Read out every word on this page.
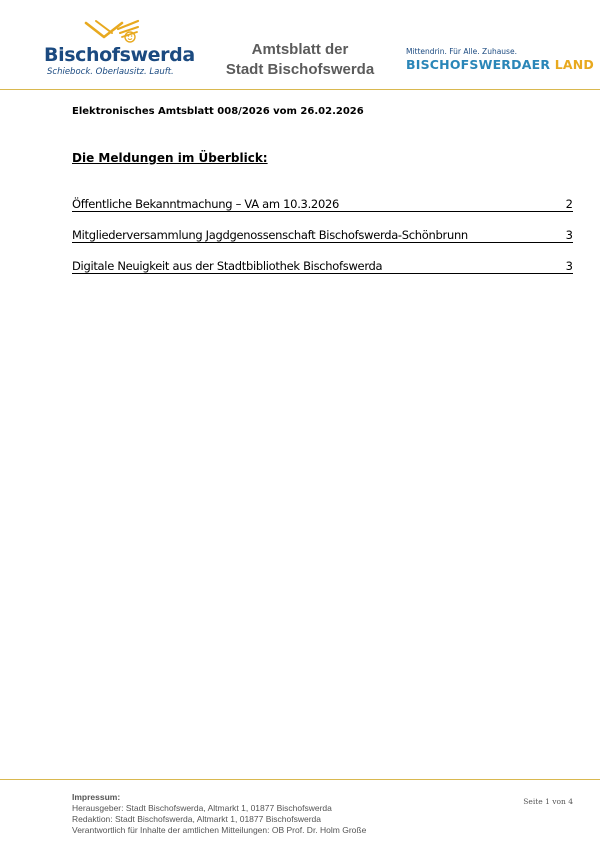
Bischofswerda
Schiebock. Oberlausitz. Lauft.
Amtsblatt der
Stadt Bischofswerda
Mittendrin. Für Alle. Zuhause.
BISCHOFSWERDAER LAND
Elektronisches Amtsblatt 008/2026 vom 26.02.2026
Die Meldungen im Überblick:
Öffentliche Bekanntmachung – VA am 10.3.2026	2
Mitgliederversammlung Jagdgenossenschaft Bischofswerda-Schönbrunn	3
Digitale Neuigkeit aus der Stadtbibliothek Bischofswerda	3
Impressum:
Herausgeber: Stadt Bischofswerda, Altmarkt 1, 01877 Bischofswerda
Redaktion: Stadt Bischofswerda, Altmarkt 1, 01877 Bischofswerda
Verantwortlich für Inhalte der amtlichen Mitteilungen: OB Prof. Dr. Holm Große
Seite 1 von 4
